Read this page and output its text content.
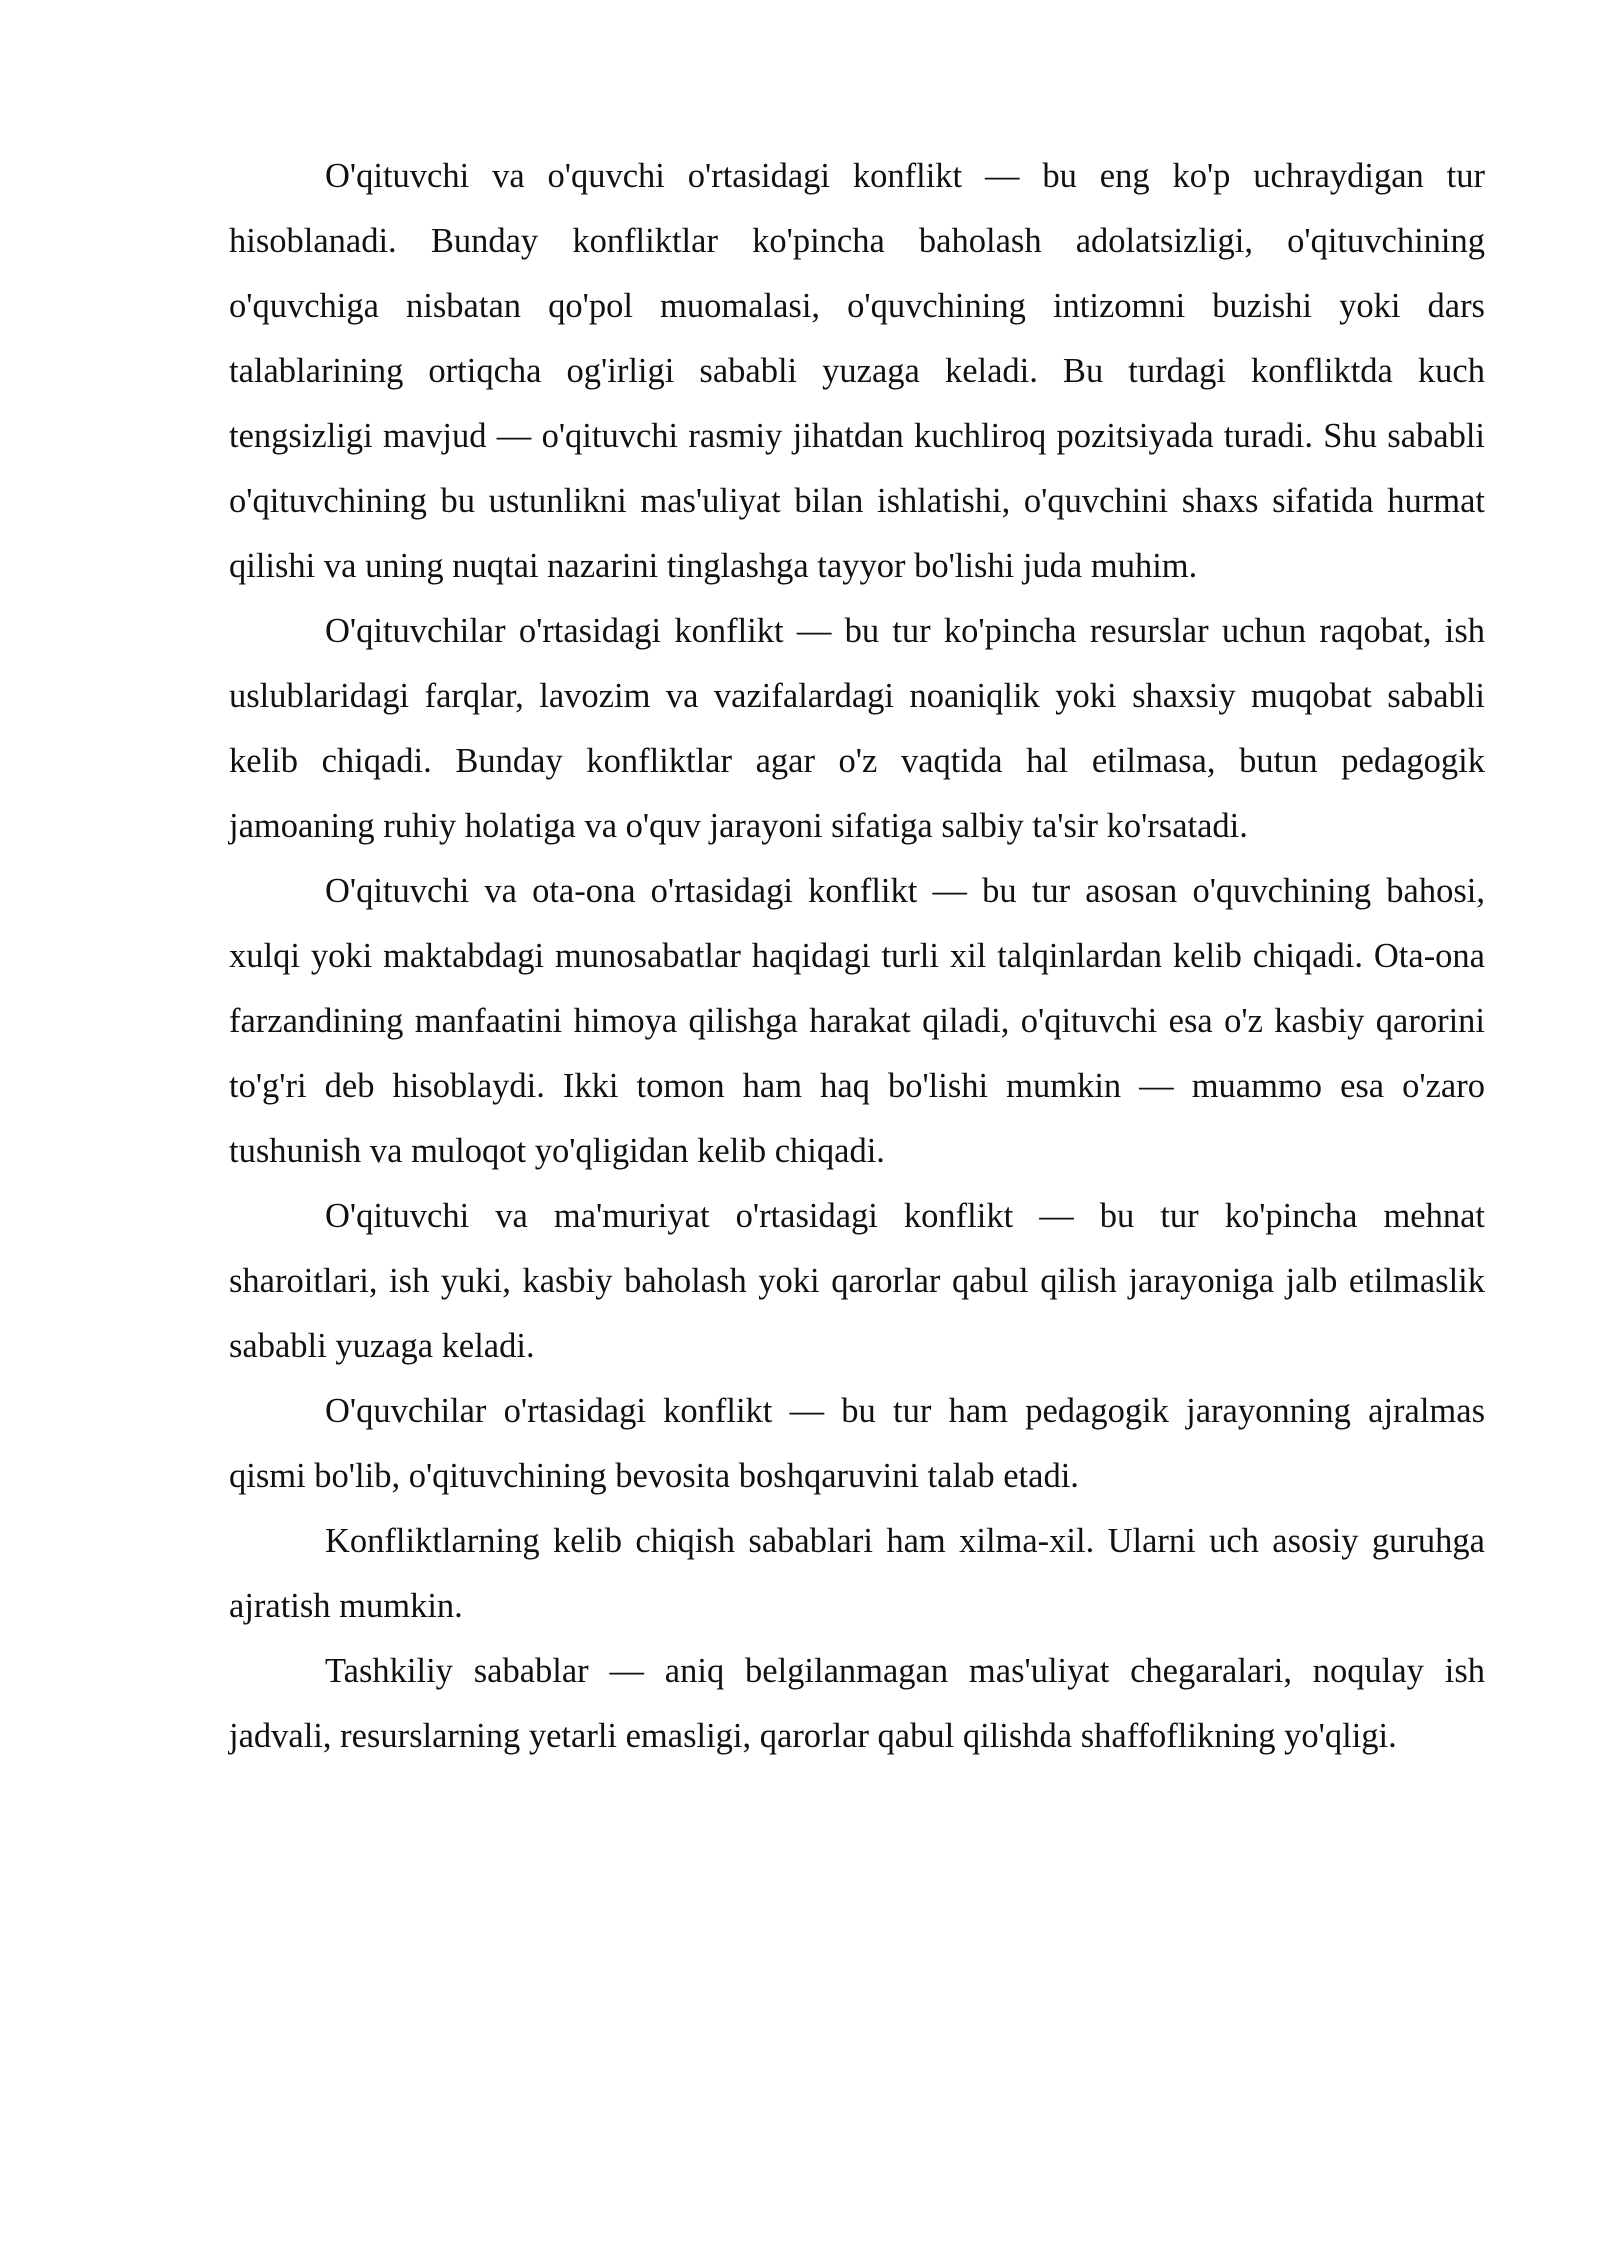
O'qituvchi va o'quvchi o'rtasidagi konflikt — bu eng ko'p uchraydigan tur hisoblanadi. Bunday konfliktlar ko'pincha baholash adolatsizligi, o'qituvchining o'quvchiga nisbatan qo'pol muomalasi, o'quvchining intizomni buzishi yoki dars talablarining ortiqcha og'irligi sababli yuzaga keladi. Bu turdagi konfliktda kuch tengsizligi mavjud — o'qituvchi rasmiy jihatdan kuchliroq pozitsiyada turadi. Shu sababli o'qituvchining bu ustunlikni mas'uliyat bilan ishlatishi, o'quvchini shaxs sifatida hurmat qilishi va uning nuqtai nazarini tinglashga tayyor bo'lishi juda muhim.

O'qituvchilar o'rtasidagi konflikt — bu tur ko'pincha resurslar uchun raqobat, ish uslublaridagi farqlar, lavozim va vazifalardagi noaniqlik yoki shaxsiy muqobat sababli kelib chiqadi. Bunday konfliktlar agar o'z vaqtida hal etilmasa, butun pedagogik jamoaning ruhiy holatiga va o'quv jarayoni sifatiga salbiy ta'sir ko'rsatadi.

O'qituvchi va ota-ona o'rtasidagi konflikt — bu tur asosan o'quvchining bahosi, xulqi yoki maktabdagi munosabatlar haqidagi turli xil talqinlardan kelib chiqadi. Ota-ona farzandining manfaatini himoya qilishga harakat qiladi, o'qituvchi esa o'z kasbiy qarorini to'g'ri deb hisoblaydi. Ikki tomon ham haq bo'lishi mumkin — muammo esa o'zaro tushunish va muloqot yo'qligidan kelib chiqadi.

O'qituvchi va ma'muriyat o'rtasidagi konflikt — bu tur ko'pincha mehnat sharoitlari, ish yuki, kasbiy baholash yoki qarorlar qabul qilish jarayoniga jalb etilmaslik sababli yuzaga keladi.

O'quvchilar o'rtasidagi konflikt — bu tur ham pedagogik jarayonning ajralmas qismi bo'lib, o'qituvchining bevosita boshqaruvini talab etadi.

Konfliktlarning kelib chiqish sabablari ham xilma-xil. Ularni uch asosiy guruhga ajratish mumkin.

Tashkiliy sabablar — aniq belgilanmagan mas'uliyat chegaralari, noqulay ish jadvali, resurslarning yetarli emasligi, qarorlar qabul qilishda shaffoflikning yo'qligi.
